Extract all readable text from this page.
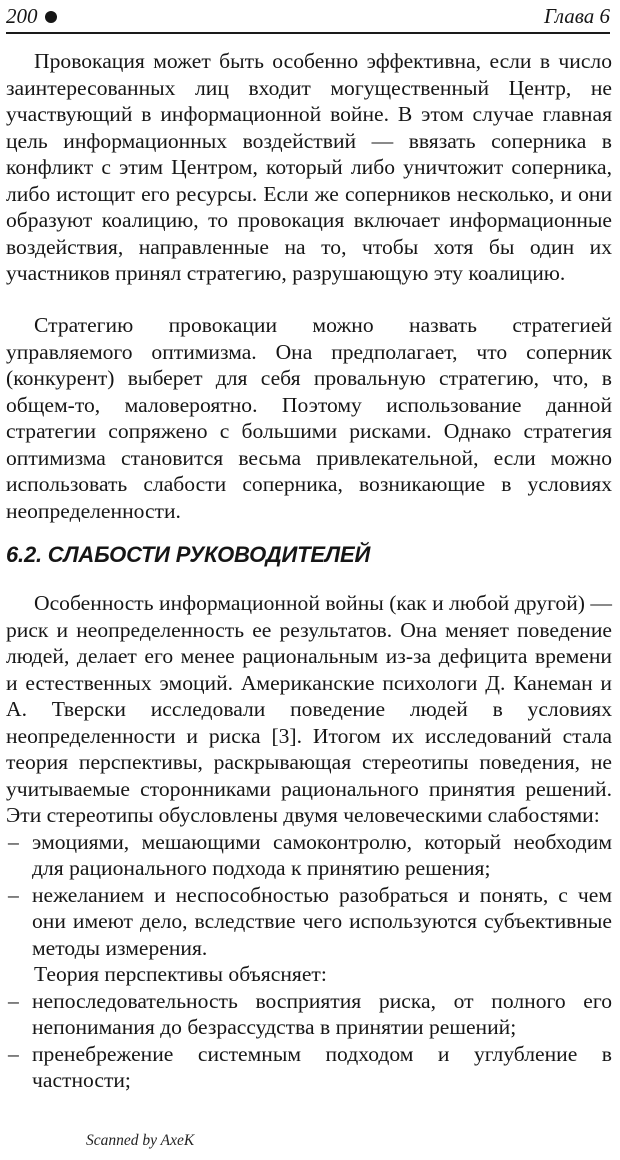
200	Глава 6

Провокация может быть особенно эффективна, если в число заинтересованных лиц входит могущественный Центр, не участвующий в информационной войне. В этом случае главная цель информационных воздействий — ввязать соперника в конфликт с этим Центром, который либо уничтожит соперника, либо истощит его ресурсы. Если же соперников несколько, и они образуют коалицию, то провокация включает информационные воздействия, направленные на то, чтобы хотя бы один их участников принял стратегию, разрушающую эту коалицию.

Стратегию провокации можно назвать стратегией управляемого оптимизма. Она предполагает, что соперник (конкурент) выберет для себя провальную стратегию, что, в общем-то, маловероятно. Поэтому использование данной стратегии сопряжено с большими рисками. Однако стратегия оптимизма становится весьма привлекательной, если можно использовать слабости соперника, возникающие в условиях неопределенности.

6.2. СЛАБОСТИ РУКОВОДИТЕЛЕЙ

Особенность информационной войны (как и любой другой) — риск и неопределенность ее результатов. Она меняет поведение людей, делает его менее рациональным из-за дефицита времени и естественных эмоций. Американские психологи Д. Канеман и А. Тверски исследовали поведение людей в условиях неопределенности и риска [3]. Итогом их исследований стала теория перспективы, раскрывающая стереотипы поведения, не учитываемые сторонниками рационального принятия решений. Эти стереотипы обусловлены двумя человеческими слабостями:

– эмоциями, мешающими самоконтролю, который необходим для рационального подхода к принятию решения;
– нежеланием и неспособностью разобраться и понять, с чем они имеют дело, вследствие чего используются субъективные методы измерения.

Теория перспективы объясняет:

– непоследовательность восприятия риска, от полного его непонимания до безрассудства в принятии решений;
– пренебрежение системным подходом и углубление в частности;
Scanned by AxeK
